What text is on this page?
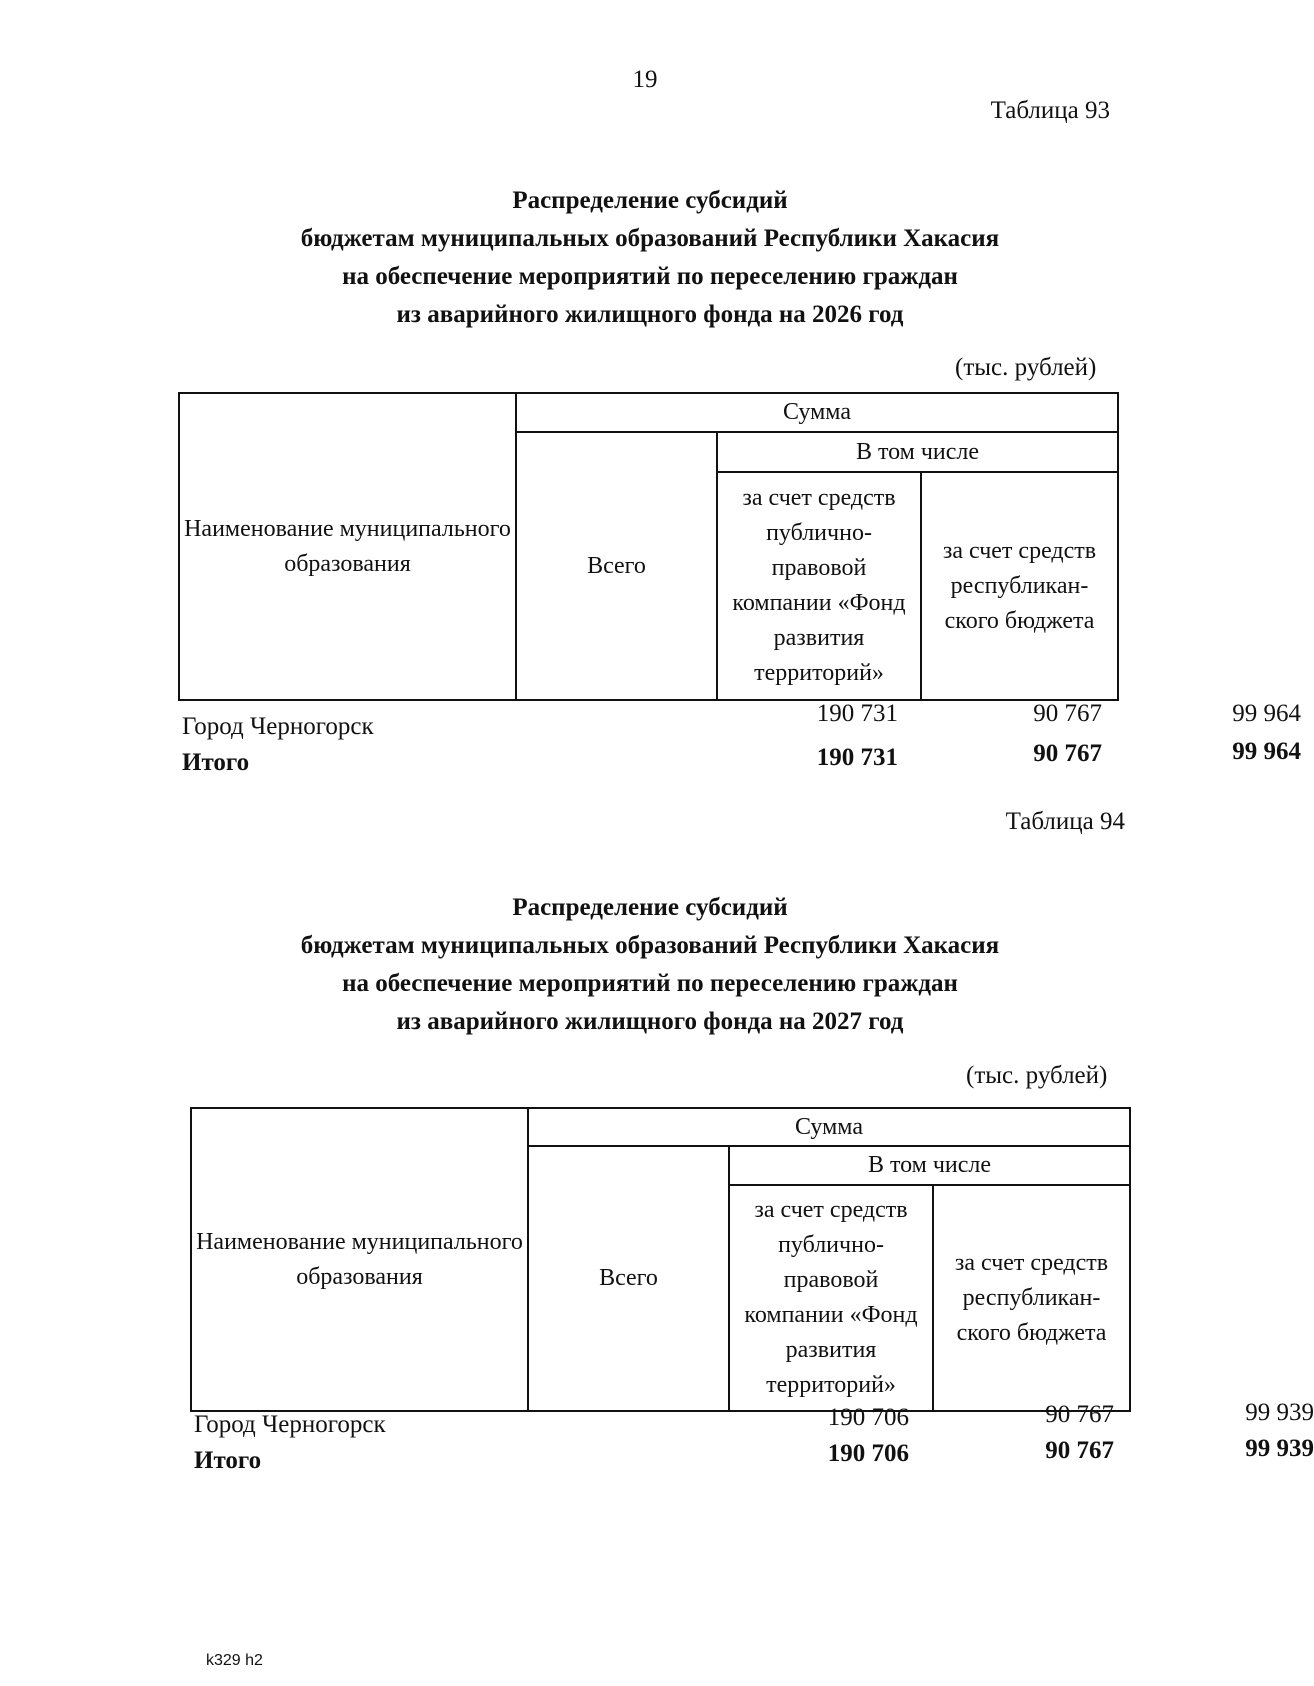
19
Таблица 93
Распределение субсидий
бюджетам муниципальных образований Республики Хакасия
на обеспечение мероприятий по переселению граждан
из аварийного жилищного фонда на 2026 год
(тыс. рублей)
Наименование муниципального образования	Сумма		
	Всего	В том числе	
		за счет средств публично-правовой компании «Фонд развития территорий»	за счет средств республикан-ского бюджета
Город Черногорск	190 731	90 767	99 964
Итого	190 731	90 767	99 964
Таблица 94
Распределение субсидий
бюджетам муниципальных образований Республики Хакасия
на обеспечение мероприятий по переселению граждан
из аварийного жилищного фонда на 2027 год
(тыс. рублей)
Наименование муниципального образования	Сумма		
	Всего	В том числе	
		за счет средств публично-правовой компании «Фонд развития территорий»	за счет средств республикан-ского бюджета
Город Черногорск	190 706	90 767	99 939
Итого	190 706	90 767	99 939
k329 h2
